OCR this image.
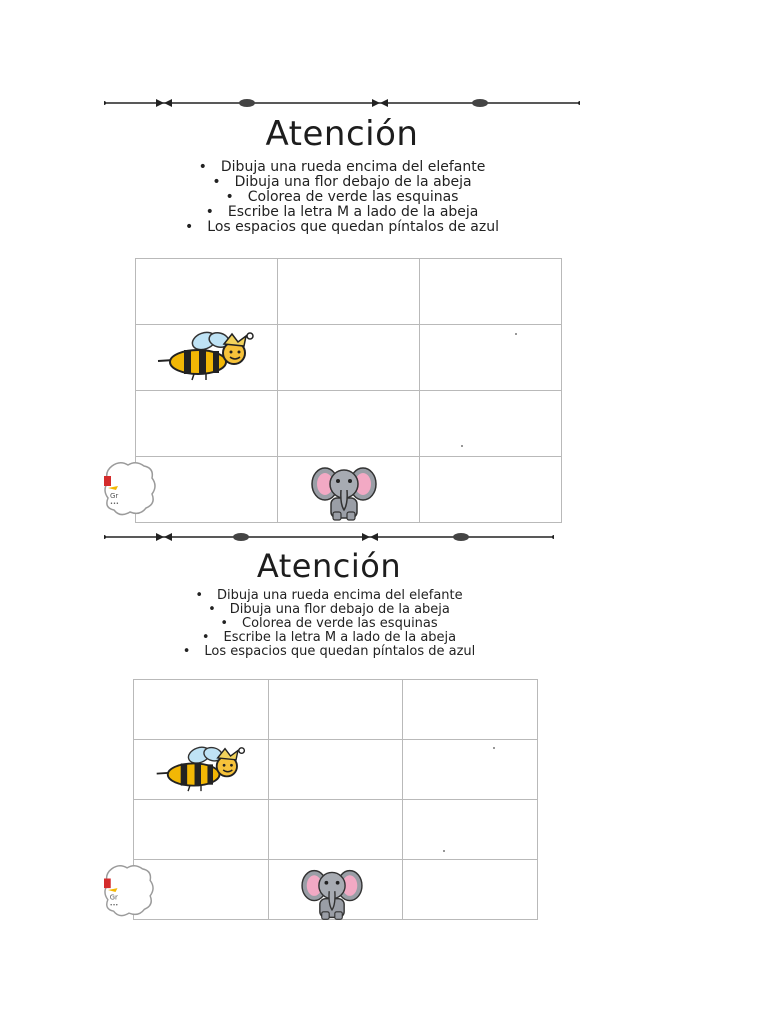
Atención
• Dibuja una rueda encima del elefante
• Dibuja una flor debajo de la abeja
• Colorea de verde las esquinas
• Escribe la letra M a lado de la abeja
• Los espacios que quedan píntalos de azul

Gr
•••
Atención
• Dibuja una rueda encima del elefante
• Dibuja una flor debajo de la abeja
• Colorea de verde las esquinas
• Escribe la letra M a lado de la abeja
• Los espacios que quedan píntalos de azul

Gr
•••
